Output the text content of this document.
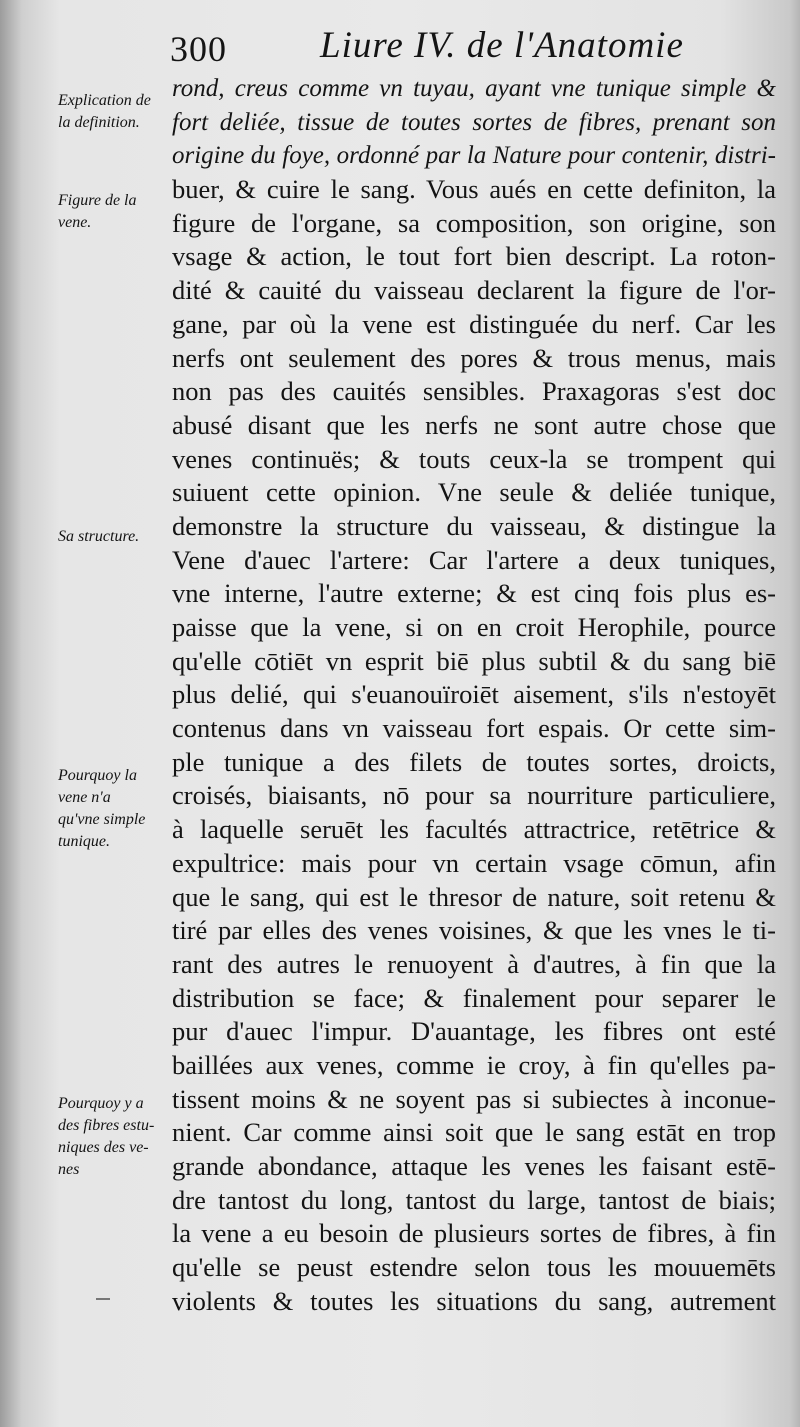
300	Liure IV. de l'Anatomie
Explication de
la definition.
Figure de la
vene.
Sa structure.
Pourquoy la
vene n'a
qu'vne simple
tunique.
Pourquoy y a
des fibres estu-
niques des ve-
nes
rond, creus comme vn tuyau, ayant vne tunique simple &
fort deliée, tissue de toutes sortes de fibres, prenant son
origine du foye, ordonné par la Nature pour contenir, distri-
buer, & cuire le sang. Vous aués en cette definiton, la
figure de l'organe, sa composition, son origine, son
vsage & action, le tout fort bien descript. La roton-
dité & cauité du vaisseau declarent la figure de l'or-
gane, par où la vene est distinguée du nerf. Car les
nerfs ont seulement des pores & trous menus, mais
non pas des cauités sensibles. Praxagoras s'est doc
abusé disant que les nerfs ne sont autre chose que
venes continuës; & touts ceux-la se trompent qui
suiuent cette opinion. Vne seule & deliée tunique,
demonstre la structure du vaisseau, & distingue la
Vene d'auec l'artere: Car l'artere a deux tuniques,
vne interne, l'autre externe; & est cinq fois plus es-
paisse que la vene, si on en croit Herophile, pource
qu'elle cōtiēt vn esprit biē plus subtil & du sang biē
plus delié, qui s'euanouïroiēt aisement, s'ils n'estoyēt
contenus dans vn vaisseau fort espais. Or cette sim-
ple tunique a des filets de toutes sortes, droicts,
croisés, biaisants, nō pour sa nourriture particuliere,
à laquelle seruēt les facultés attractrice, retētrice &
expultrice: mais pour vn certain vsage cōmun, afin
que le sang, qui est le thresor de nature, soit retenu &
tiré par elles des venes voisines, & que les vnes le ti-
rant des autres le renuoyent à d'autres, à fin que la
distribution se face; & finalement pour separer le
pur d'auec l'impur. D'auantage, les fibres ont esté
baillées aux venes, comme ie croy, à fin qu'elles pa-
tissent moins & ne soyent pas si subiectes à inconue-
nient. Car comme ainsi soit que le sang estāt en trop
grande abondance, attaque les venes les faisant estē-
dre tantost du long, tantost du large, tantost de biais;
la vene a eu besoin de plusieurs sortes de fibres, à fin
qu'elle se peust estendre selon tous les mouuemēts
violents & toutes les situations du sang, autrement
